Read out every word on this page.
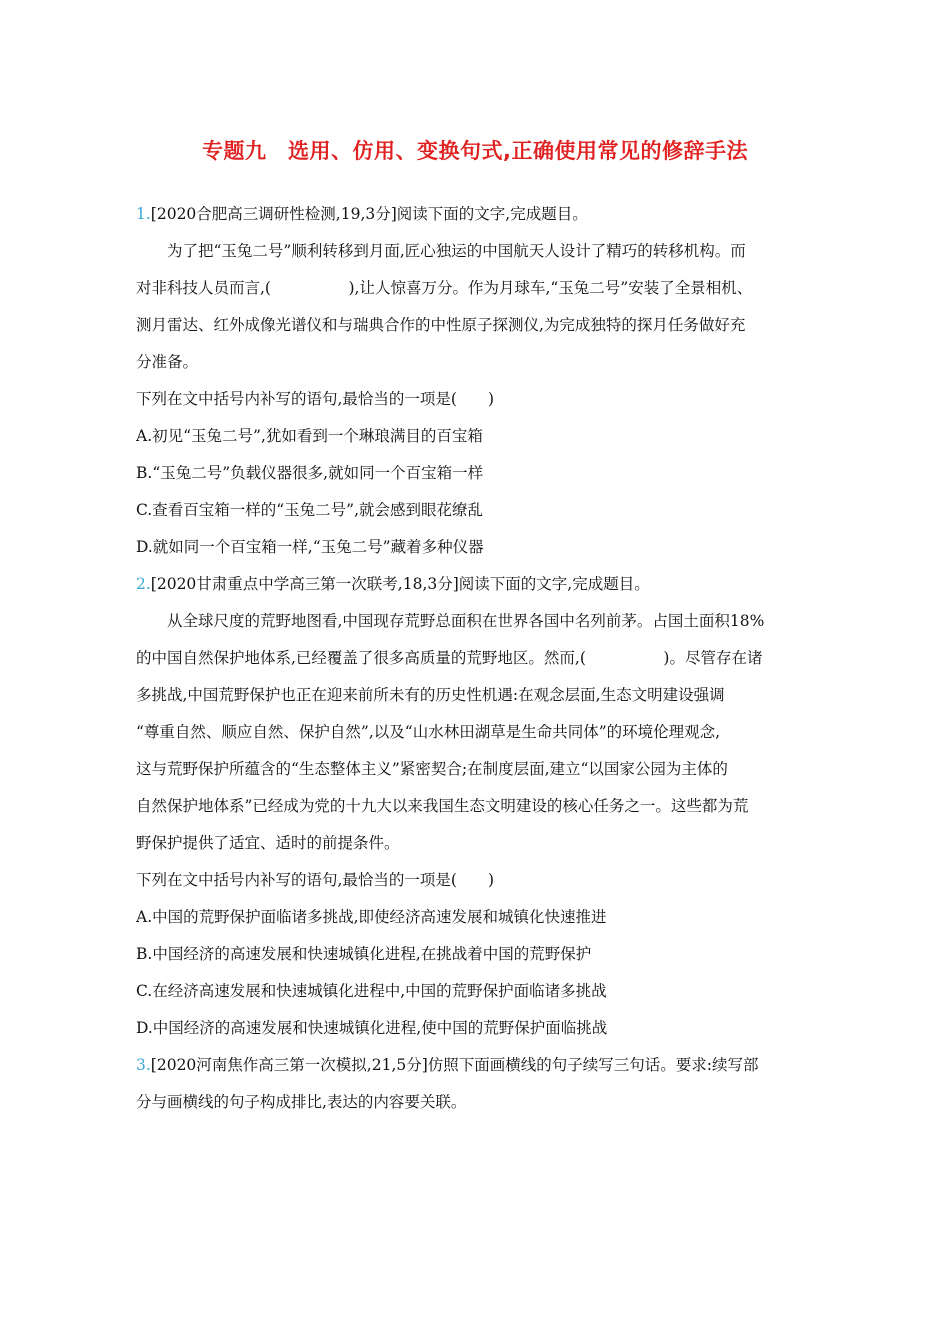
专题九　选用、仿用、变换句式,正确使用常见的修辞手法
1.[2020合肥高三调研性检测,19,3分]阅读下面的文字,完成题目。
为了把“玉兔二号”顺利转移到月面,匠心独运的中国航天人设计了精巧的转移机构。而
对非科技人员而言,(　　　　　),让人惊喜万分。作为月球车,“玉兔二号”安装了全景相机、
测月雷达、红外成像光谱仪和与瑞典合作的中性原子探测仪,为完成独特的探月任务做好充
分准备。
下列在文中括号内补写的语句,最恰当的一项是(　　)
A.初见“玉兔二号”,犹如看到一个琳琅满目的百宝箱
B.“玉兔二号”负载仪器很多,就如同一个百宝箱一样
C.查看百宝箱一样的“玉兔二号”,就会感到眼花缭乱
D.就如同一个百宝箱一样,“玉兔二号”藏着多种仪器
2.[2020甘肃重点中学高三第一次联考,18,3分]阅读下面的文字,完成题目。
从全球尺度的荒野地图看,中国现存荒野总面积在世界各国中名列前茅。占国土面积18%
的中国自然保护地体系,已经覆盖了很多高质量的荒野地区。然而,(　　　　　)。尽管存在诸
多挑战,中国荒野保护也正在迎来前所未有的历史性机遇:在观念层面,生态文明建设强调
“尊重自然、顺应自然、保护自然”,以及“山水林田湖草是生命共同体”的环境伦理观念,
这与荒野保护所蕴含的“生态整体主义”紧密契合;在制度层面,建立“以国家公园为主体的
自然保护地体系”已经成为党的十九大以来我国生态文明建设的核心任务之一。这些都为荒
野保护提供了适宜、适时的前提条件。
下列在文中括号内补写的语句,最恰当的一项是(　　)
A.中国的荒野保护面临诸多挑战,即使经济高速发展和城镇化快速推进
B.中国经济的高速发展和快速城镇化进程,在挑战着中国的荒野保护
C.在经济高速发展和快速城镇化进程中,中国的荒野保护面临诸多挑战
D.中国经济的高速发展和快速城镇化进程,使中国的荒野保护面临挑战
3.[2020河南焦作高三第一次模拟,21,5分]仿照下面画横线的句子续写三句话。要求:续写部
分与画横线的句子构成排比,表达的内容要关联。
